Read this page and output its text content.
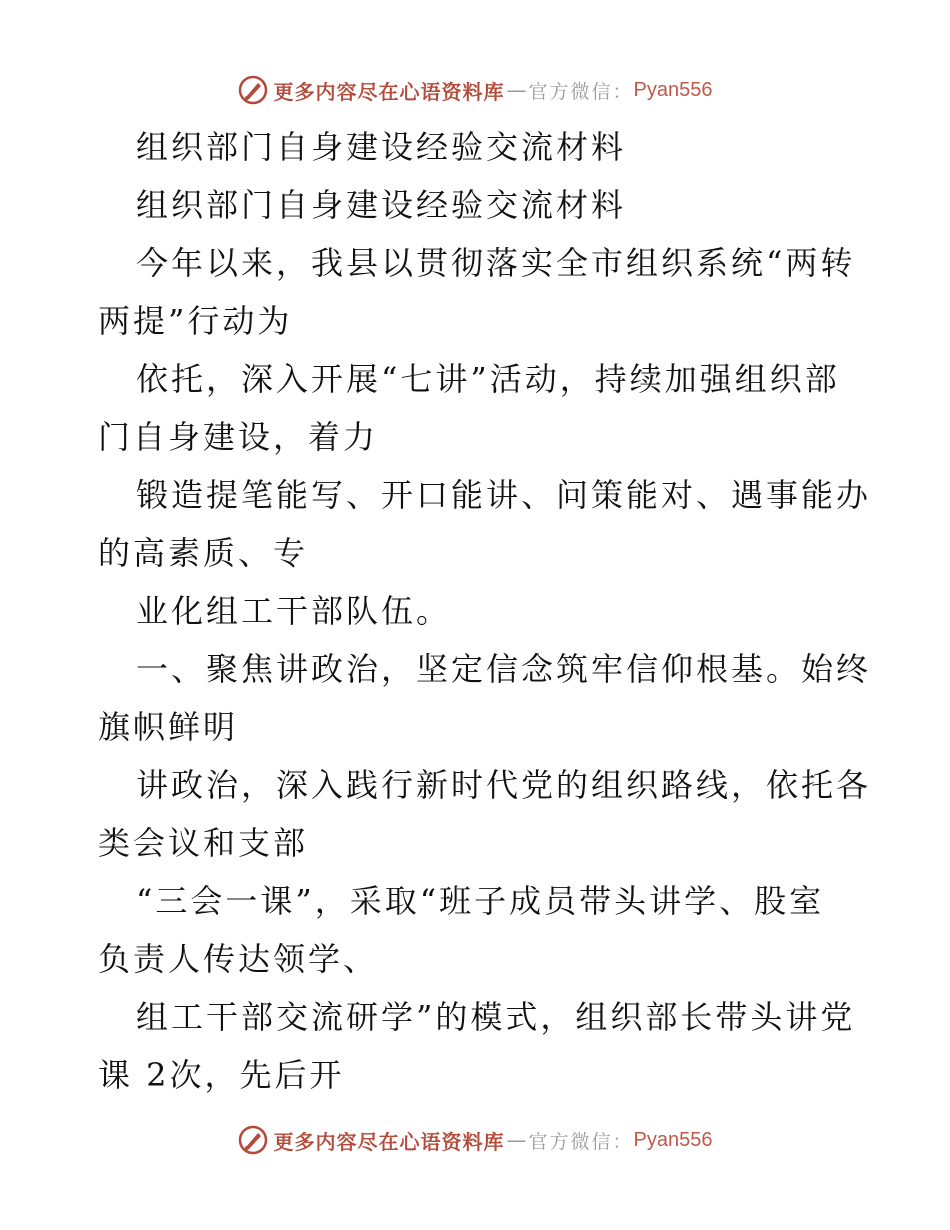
更多内容尽在心语资料库 — 官方微信： Pyan556
组织部门自身建设经验交流材料
组织部门自身建设经验交流材料
今年以来，我县以贯彻落实全市组织系统“两转
两提”行动为
依托，深入开展“七讲”活动，持续加强组织部
门自身建设，着力
锻造提笔能写、开口能讲、问策能对、遇事能办
的高素质、专
业化组工干部队伍。
一、聚焦讲政治，坚定信念筑牢信仰根基。始终
旗帜鲜明
讲政治，深入践行新时代党的组织路线，依托各
类会议和支部
“三会一课”，采取“班子成员带头讲学、股室
负责人传达领学、
组工干部交流研学”的模式，组织部长带头讲党
课 2次，先后开
更多内容尽在心语资料库 — 官方微信： Pyan556
